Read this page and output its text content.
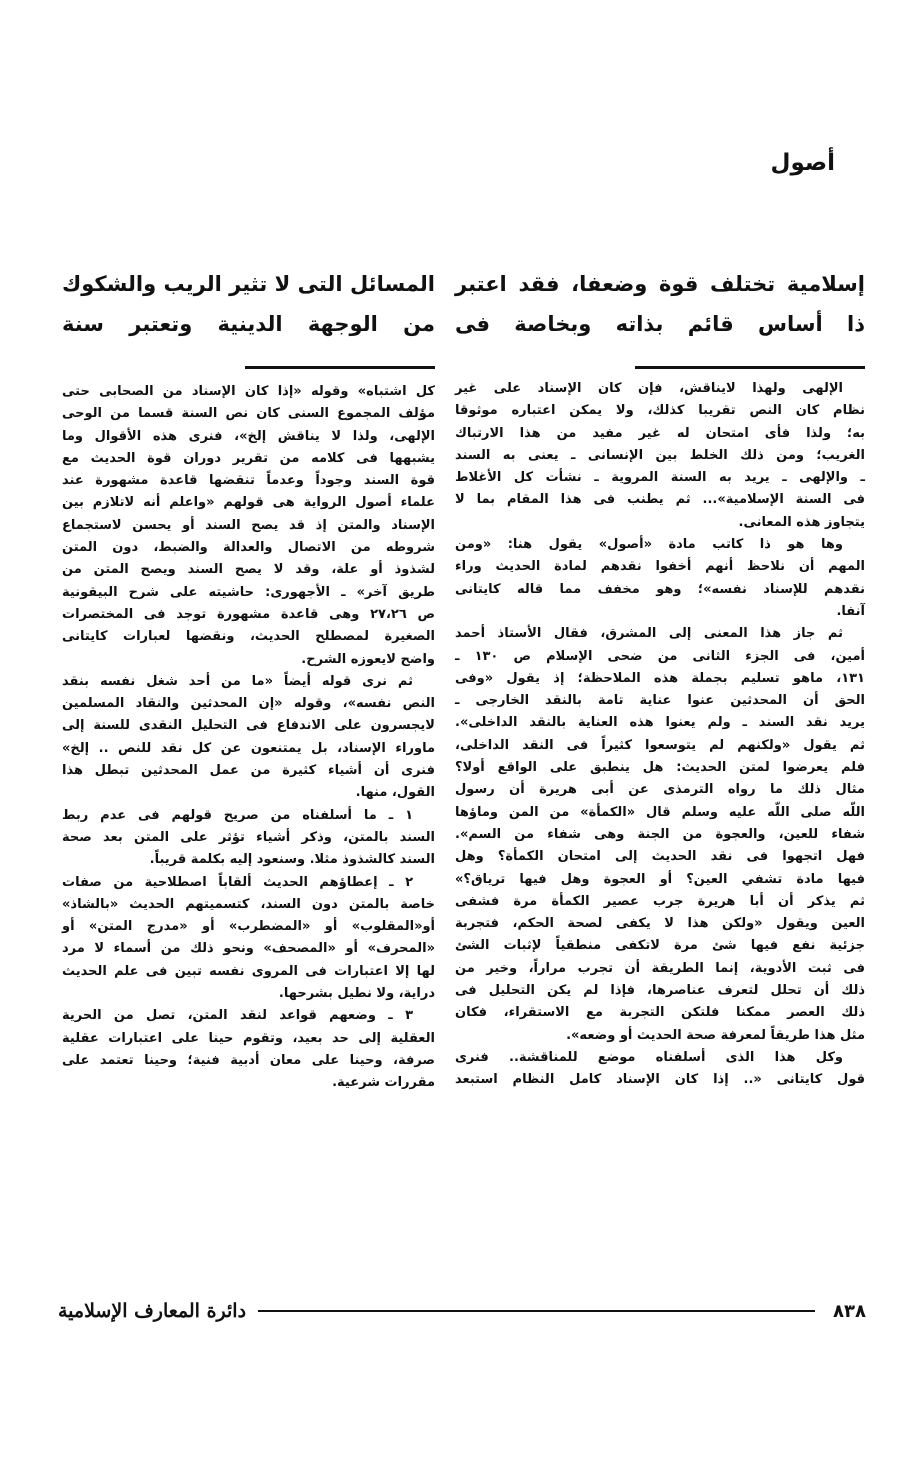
أصول
إسلامية تختلف قوة وضعفا، فقد اعتبر
ذا أساس قائم بذاته وبخاصة فى
المسائل التى لا تثير الريب والشكوك
من الوجهة الدينية وتعتبر سنة

الإلهى ولهذا لايناقش، فإن كان الإسناد على غير

نظام كان النص تقريبا كذلك، ولا يمكن اعتباره موثوقا

به؛ ولذا فأى امتحان له غير مفيد من هذا الارتباك

الغريب؛ ومن ذلك الخلط بين الإنسانى ـ يعنى به السند

ـ والإلهى ـ يريد به السنة المروية ـ نشأت كل الأغلاط

فى السنة الإسلامية»... ثم يطنب فى هذا المقام بما لا

يتجاوز هذه المعانى.

وها هو ذا كاتب مادة «أصول» يقول هنا: «ومن

المهم أن نلاحظ أنهم أخفوا نقدهم لمادة الحديث وراء

نقدهم للإسناد نفسه»؛ وهو مخفف مما قاله كايتانى

آنفا.

ثم جاز هذا المعنى إلى المشرق، فقال الأستاذ أحمد

أمين، فى الجزء الثانى من ضحى الإسلام ص ١٣٠ ـ

١٣١، ماهو تسليم بجملة هذه الملاحظة؛ إذ يقول «وفى

الحق أن المحدثين عنوا عناية تامة بالنقد الخارجى ـ

يريد نقد السند ـ ولم يعنوا هذه العناية بالنقد الداخلى».

ثم يقول «ولكنهم لم يتوسعوا كثيراً فى النقد الداخلى،

فلم يعرضوا لمتن الحديث: هل ينطبق على الواقع أولا؟

مثال ذلك ما رواه الترمذى عن أبى هريرة أن رسول

اللّه صلى اللّه عليه وسلم قال «الكمأة» من المن وماؤها

شفاء للعين، والعجوة من الجنة وهى شفاء من السم».

فهل اتجهوا فى نقد الحديث إلى امتحان الكمأة؟ وهل

فيها مادة تشفي العين؟ أو العجوة وهل فيها ترياق؟»

ثم يذكر أن أبا هريرة جرب عصير الكمأة مرة فشفى

العين ويقول «ولكن هذا لا يكفى لصحة الحكم، فتجربة

جزئية نفع فيها شئ مرة لاتكفى منطقياً لإثبات الشئ

فى ثبت الأدوية، إنما الطريقة أن تجرب مراراً، وخير من

ذلك أن تحلل لتعرف عناصرها، فإذا لم يكن التحليل فى

ذلك العصر ممكنا فلتكن التجربة مع الاستقراء، فكان

مثل هذا طريقاً لمعرفة صحة الحديث أو وضعه».

وكل هذا الذى أسلفناه موضع للمناقشة.. فنرى

قول كايتانى «.. إذا كان الإسناد كامل النظام استبعد

كل اشتباه» وقوله «إذا كان الإسناد من الصحابى حتى

مؤلف المجموع السنى كان نص السنة قسما من الوحى

الإلهى، ولذا لا يناقش إلخ»، فنرى هذه الأقوال وما

يشبهها فى كلامه من تقرير دوران قوة الحديث مع

قوة السند وجوداً وعدماً تنقضها قاعدة مشهورة عند

علماء أصول الرواية هى قولهم «واعلم أنه لاتلازم بين

الإسناد والمتن إذ قد يصح السند أو يحسن لاستجماع

شروطه من الاتصال والعدالة والضبط، دون المتن

لشذوذ أو علة، وقد لا يصح السند ويصح المتن من

طريق آخر» ـ الأجهورى: حاشيته على شرح البيقونية

ص ٢٧،٢٦ وهى قاعدة مشهورة توجد فى المختصرات

الصغيرة لمصطلح الحديث، ونقضها لعبارات كايتانى

واضح لايعوزه الشرح.

ثم نرى قوله أيضاً «ما من أحد شغل نفسه بنقد

النص نفسه»، وقوله «إن المحدثين والنقاد المسلمين

لايجسرون على الاندفاع فى التحليل النقدى للسنة إلى

ماوراء الإسناد، بل يمتنعون عن كل نقد للنص .. إلخ»

فنرى أن أشياء كثيرة من عمل المحدثين تبطل هذا

القول، منها.

١ ـ ما أسلفناه من صريح قولهم فى عدم ربط

السند بالمتن، وذكر أشياء تؤثر على المتن بعد صحة

السند كالشذوذ مثلا. وسنعود إليه بكلمة قريباً.

٢ ـ إعطاؤهم الحديث ألقاباً اصطلاحية من صفات

خاصة بالمتن دون السند، كتسميتهم الحديث «بالشاذ»

أو«المقلوب» أو «المضطرب» أو «مدرج المتن» أو

«المحرف» أو «المصحف» ونحو ذلك من أسماء لا مرد

لها إلا اعتبارات فى المروى نفسه تبين فى علم الحديث

دراية، ولا نطيل بشرحها.

٣ ـ وضعهم قواعد لنقد المتن، تصل من الحرية

العقلية إلى حد بعيد، وتقوم حينا على اعتبارات عقلية

صرفة، وحينا على معان أدبية فنية؛ وحينا تعتمد على

مقررات شرعية.

٨٣٨
دائرة المعارف الإسلامية
